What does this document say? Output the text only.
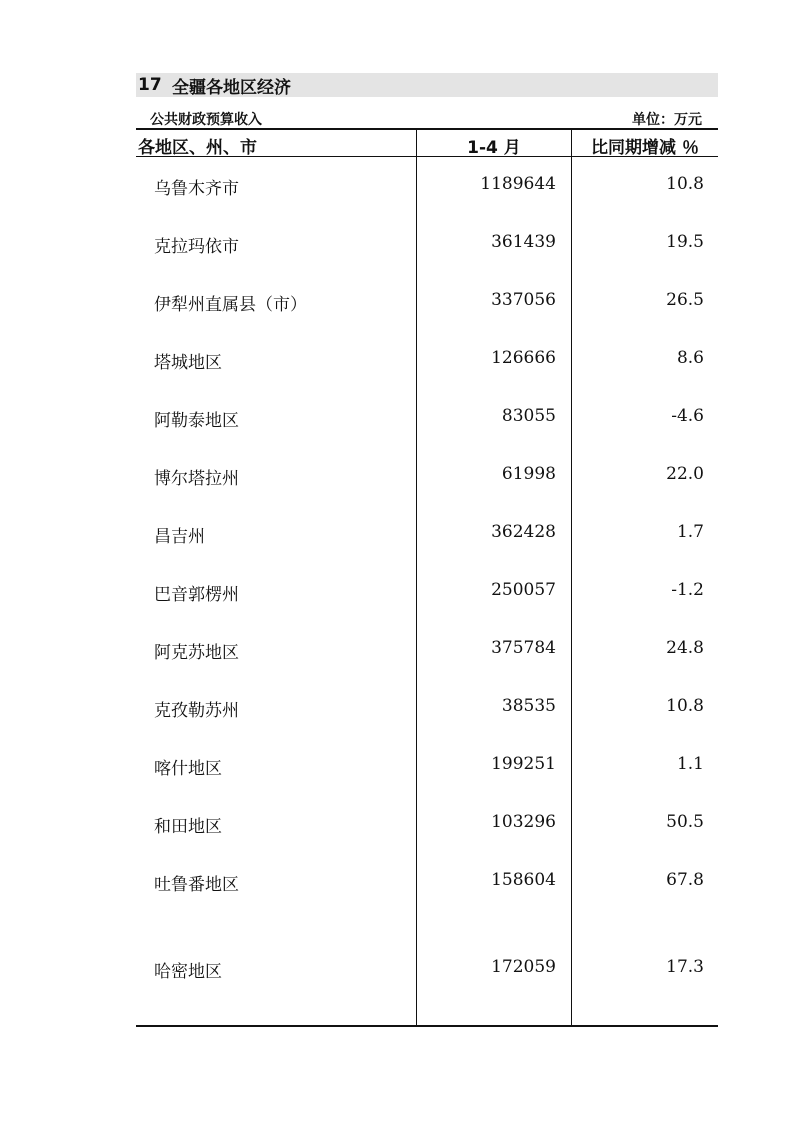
17 全疆各地区经济
公共财政预算收入	单位：万元
各地区、州、市	1-4 月	比同期增减 ％
乌鲁木齐市	1189644	10.8
克拉玛依市	361439	19.5
伊犁州直属县（市）	337056	26.5
塔城地区	126666	8.6
阿勒泰地区	83055	-4.6
博尔塔拉州	61998	22.0
昌吉州	362428	1.7
巴音郭楞州	250057	-1.2
阿克苏地区	375784	24.8
克孜勒苏州	38535	10.8
喀什地区	199251	1.1
和田地区	103296	50.5
吐鲁番地区	158604	67.8
哈密地区	172059	17.3
